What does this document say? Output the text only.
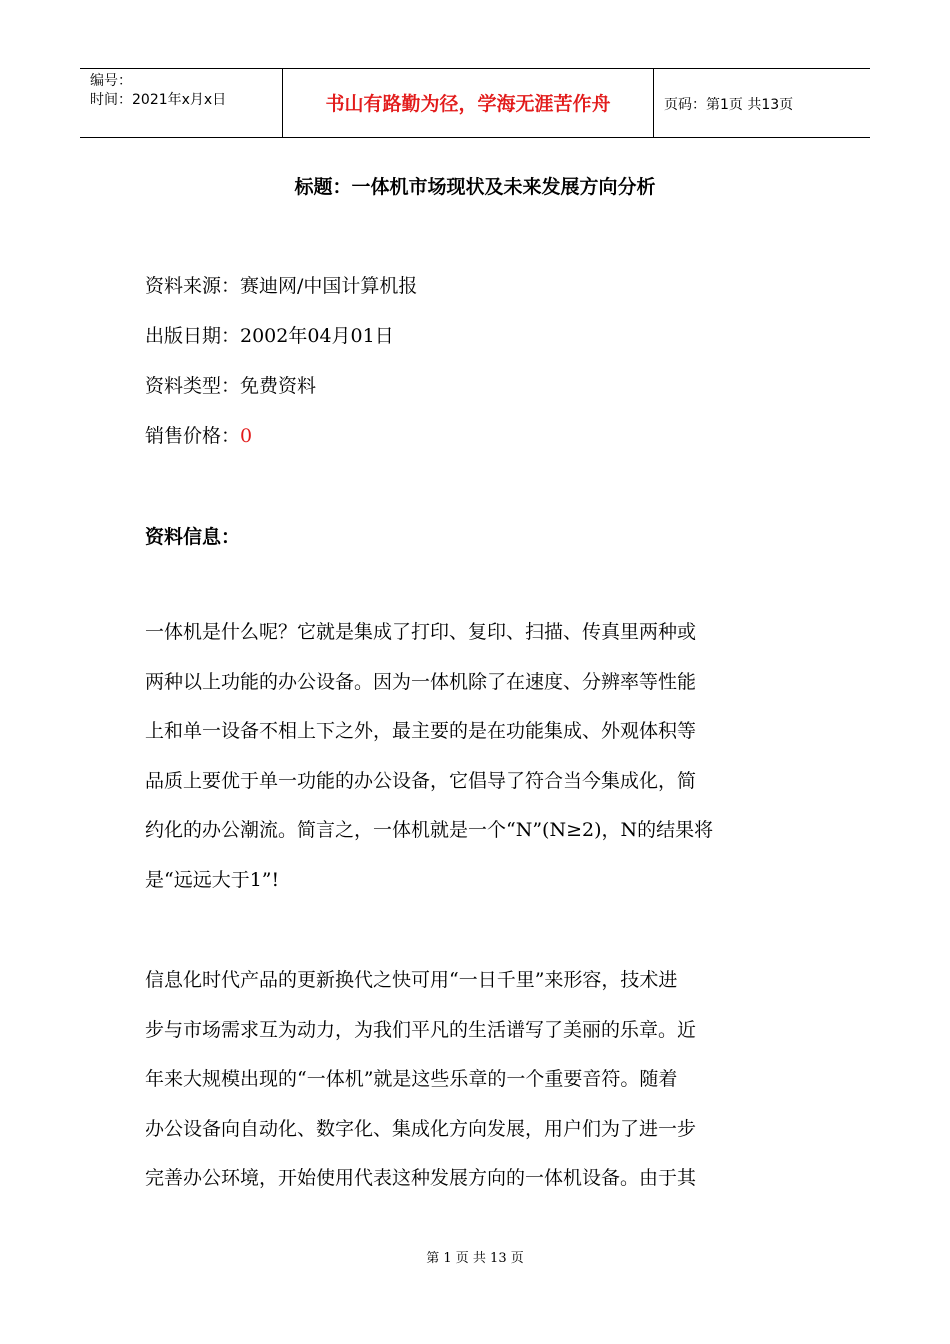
编号：
时间：2021年x月x日	书山有路勤为径，学海无涯苦作舟	页码：第1页 共13页
标题：一体机市场现状及未来发展方向分析
资料来源：赛迪网/中国计算机报
出版日期：2002年04月01日
资料类型：免费资料
销售价格：0
资料信息：
一体机是什么呢？它就是集成了打印、复印、扫描、传真里两种或
两种以上功能的办公设备。因为一体机除了在速度、分辨率等性能
上和单一设备不相上下之外，最主要的是在功能集成、外观体积等
品质上要优于单一功能的办公设备，它倡导了符合当今集成化，简
约化的办公潮流。简言之，一体机就是一个“N”(N≥2)，N的结果将
是“远远大于1”!
信息化时代产品的更新换代之快可用“一日千里”来形容，技术进
步与市场需求互为动力，为我们平凡的生活谱写了美丽的乐章。近
年来大规模出现的“一体机”就是这些乐章的一个重要音符。随着
办公设备向自动化、数字化、集成化方向发展，用户们为了进一步
完善办公环境，开始使用代表这种发展方向的一体机设备。由于其
第 1 页 共 13 页
